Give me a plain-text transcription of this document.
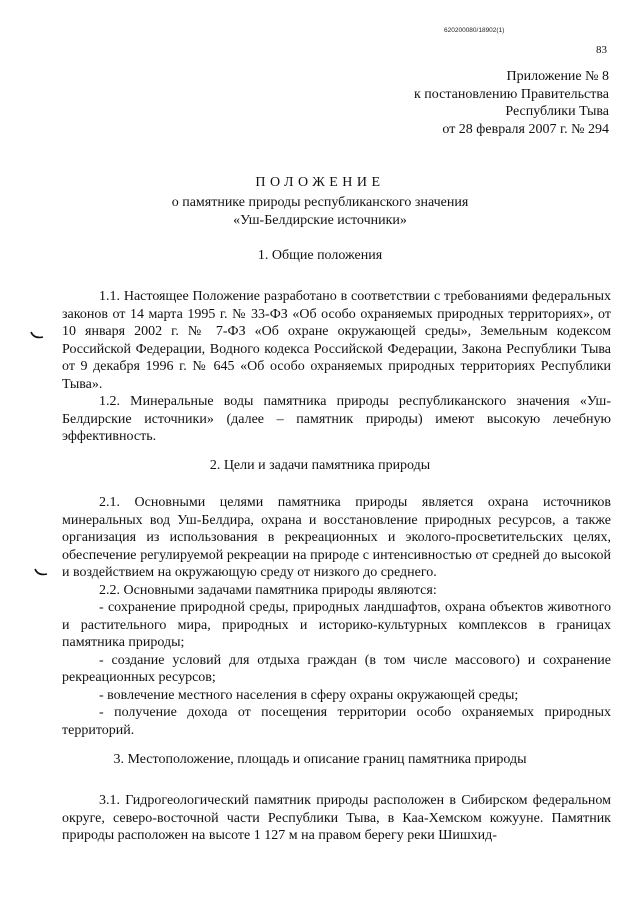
620200080/18902(1)
83
Приложение № 8
к постановлению Правительства
Республики Тыва
от 28 февраля 2007 г. № 294
ПОЛОЖЕНИЕ
о памятнике природы республиканского значения
«Уш-Белдирские источники»
1. Общие положения

1.1. Настоящее Положение разработано в соответствии с требованиями федеральных законов от 14 марта 1995 г. № 33-ФЗ «Об особо охраняемых природных территориях», от 10 января 2002 г. № 7-ФЗ «Об охране окружающей среды», Земельным кодексом Российской Федерации, Водного кодекса Российской Федерации, Закона Республики Тыва от 9 декабря 1996 г. № 645 «Об особо охраняемых природных территориях Республики Тыва».

1.2. Минеральные воды памятника природы республиканского значения «Уш-Белдирские источники» (далее – памятник природы) имеют высокую лечебную эффективность.

2. Цели и задачи памятника природы

2.1. Основными целями памятника природы является охрана источников минеральных вод Уш-Белдира, охрана и восстановление природных ресурсов, а также организация из использования в рекреационных и эколого-просветительских целях, обеспечение регулируемой рекреации на природе с интенсивностью от средней до высокой и воздействием на окружающую среду от низкого до среднего.

2.2. Основными задачами памятника природы являются:

- сохранение природной среды, природных ландшафтов, охрана объектов животного и растительного мира, природных и историко-культурных комплексов в границах памятника природы;

- создание условий для отдыха граждан (в том числе массового) и сохранение рекреационных ресурсов;

- вовлечение местного населения в сферу охраны окружающей среды;

- получение дохода от посещения территории особо охраняемых природных территорий.

3. Местоположение, площадь и описание границ памятника природы

3.1. Гидрогеологический памятник природы расположен в Сибирском федеральном округе, северо-восточной части Республики Тыва, в Каа-Хемском кожууне. Памятник природы расположен на высоте 1 127 м на правом берегу реки Шишхид-
